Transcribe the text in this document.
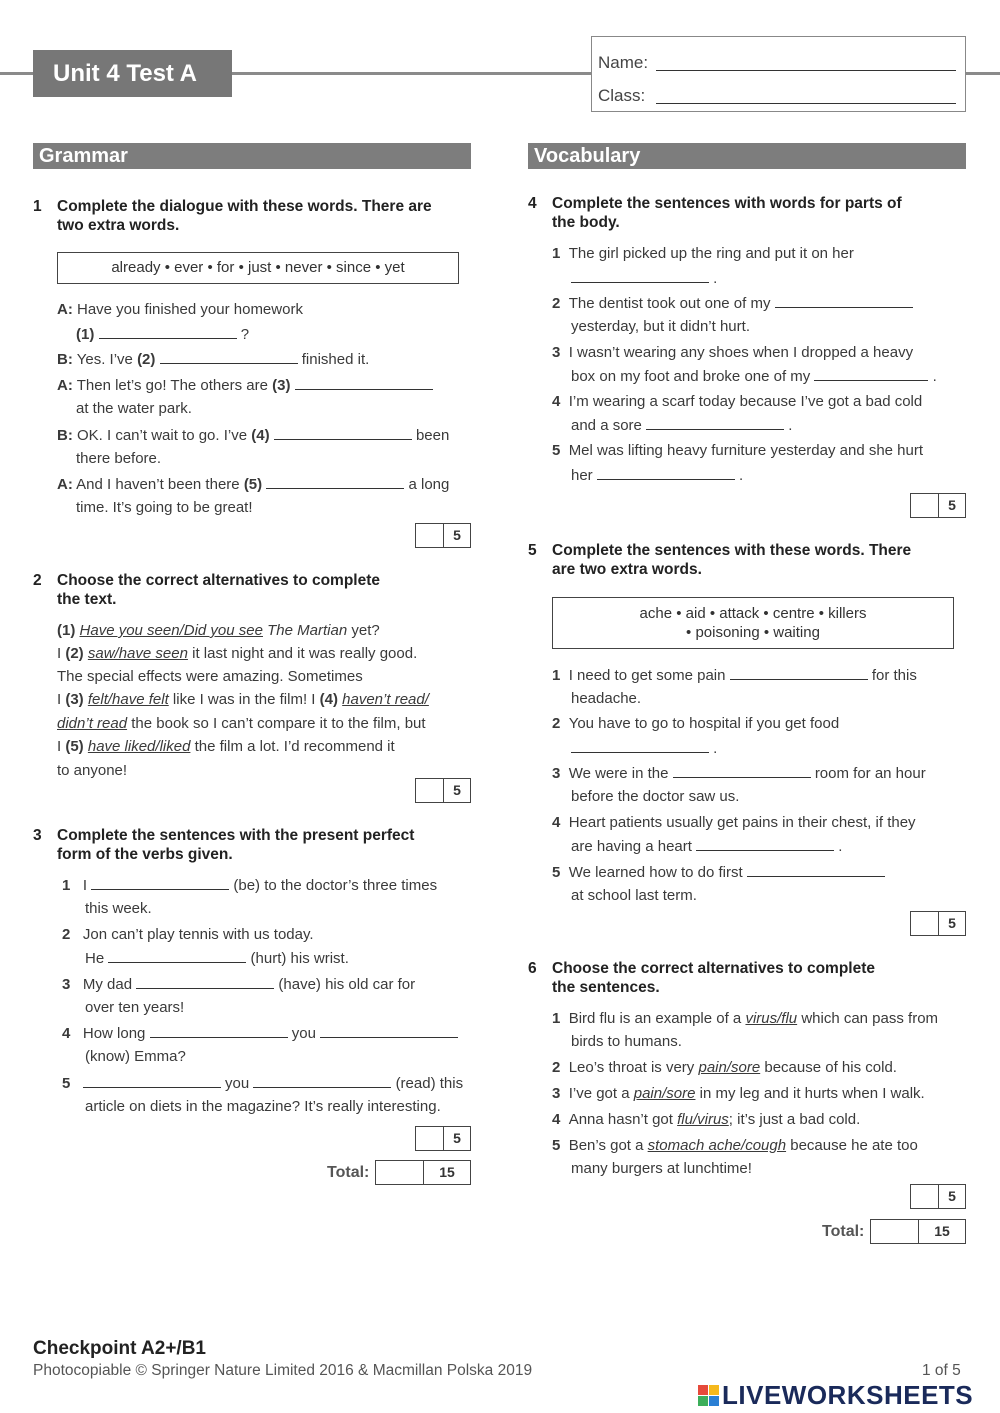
Unit 4 Test A	Name:
Class:
Grammar	Vocabulary
1 Complete the dialogue with these words. There are
two extra words.
already • ever • for • just • never • since • yet
A: Have you finished your homework
(1)	?
B: Yes. I’ve (2)	finished it.
A: Then let’s go! The others are (3)
at the water park.
B: OK. I can’t wait to go. I’ve (4)	been
there before.
A: And I haven’t been there (5)	a long
time. It’s going to be great!
5
2 Choose the correct alternatives to complete
the text.
(1) Have you seen/Did you see The Martian yet?
I (2) saw/have seen it last night and it was really good.
The special effects were amazing. Sometimes
I (3) felt/have felt like I was in the film! I (4) haven’t read/
didn’t read the book so I can’t compare it to the film, but
I (5) have liked/liked the film a lot. I’d recommend it
to anyone!
5
3 Complete the sentences with the present perfect
form of the verbs given.
1 I	(be) to the doctor’s three times
this week.
2 Jon can’t play tennis with us today.
He	(hurt) his wrist.
3 My dad	(have) his old car for
over ten years!
4 How long	you
(know) Emma?
5	you	(read) this
article on diets in the magazine? It’s really interesting.
5
Total:	15
4 Complete the sentences with words for parts of
the body.
1 The girl picked up the ring and put it on her
.
2 The dentist took out one of my
yesterday, but it didn’t hurt.
3 I wasn’t wearing any shoes when I dropped a heavy
box on my foot and broke one of my	.
4 I’m wearing a scarf today because I’ve got a bad cold
and a sore	.
5 Mel was lifting heavy furniture yesterday and she hurt
her	.
5
5 Complete the sentences with these words. There
are two extra words.
ache • aid • attack • centre • killers
• poisoning • waiting
1 I need to get some pain	for this
headache.
2 You have to go to hospital if you get food
.
3 We were in the	room for an hour
before the doctor saw us.
4 Heart patients usually get pains in their chest, if they
are having a heart	.
5 We learned how to do first
at school last term.
5
6 Choose the correct alternatives to complete
the sentences.
1 Bird flu is an example of a virus/flu which can pass from
birds to humans.
2 Leo’s throat is very pain/sore because of his cold.
3 I’ve got a pain/sore in my leg and it hurts when I walk.
4 Anna hasn’t got flu/virus; it’s just a bad cold.
5 Ben’s got a stomach ache/cough because he ate too
many burgers at lunchtime!
5
Total:	15
Checkpoint A2+/B1
Photocopiable © Springer Nature Limited 2016 & Macmillan Polska 2019	1 of 5
LIVEWORKSHEETS
